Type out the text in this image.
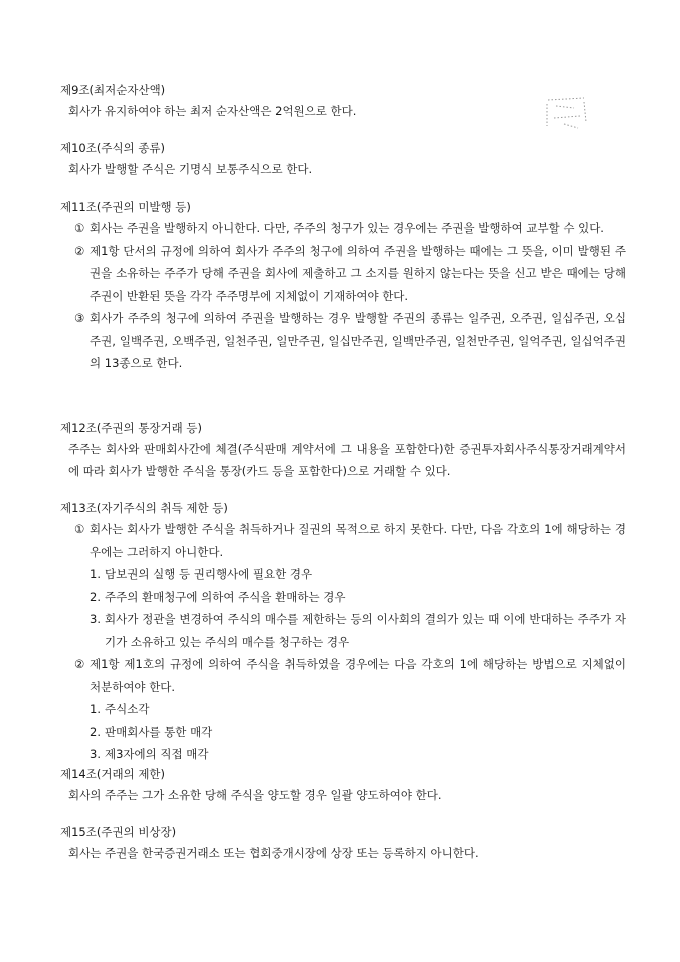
제9조(최저순자산액)
회사가 유지하여야 하는 최저 순자산액은 2억원으로 한다.
제10조(주식의 종류)
회사가 발행할 주식은 기명식 보통주식으로 한다.
제11조(주권의 미발행 등)
① 회사는 주권을 발행하지 아니한다. 다만, 주주의 청구가 있는 경우에는 주권을 발행하여 교부할 수 있다.
② 제1항 단서의 규정에 의하여 회사가 주주의 청구에 의하여 주권을 발행하는 때에는 그 뜻을, 이미 발행된 주권을 소유하는 주주가 당해 주권을 회사에 제출하고 그 소지를 원하지 않는다는 뜻을 신고 받은 때에는 당해 주권이 반환된 뜻을 각각 주주명부에 지체없이 기재하여야 한다.
③ 회사가 주주의 청구에 의하여 주권을 발행하는 경우 발행할 주권의 종류는 일주권, 오주권, 일십주권, 오십주권, 일백주권, 오백주권, 일천주권, 일만주권, 일십만주권, 일백만주권, 일천만주권, 일억주권, 일십억주권의 13종으로 한다.
제12조(주권의 통장거래 등)
주주는 회사와 판매회사간에 체결(주식판매 계약서에 그 내용을 포함한다)한 증권투자회사주식통장거래계약서 에 따라 회사가 발행한 주식을 통장(카드 등을 포함한다)으로 거래할 수 있다.
제13조(자기주식의 취득 제한 등)
① 회사는 회사가 발행한 주식을 취득하거나 질권의 목적으로 하지 못한다. 다만, 다음 각호의 1에 해당하는 경우에는 그러하지 아니한다.
1. 담보권의 실행 등 권리행사에 필요한 경우
2. 주주의 환매청구에 의하여 주식을 환매하는 경우
3. 회사가 정관을 변경하여 주식의 매수를 제한하는 등의 이사회의 결의가 있는 때 이에 반대하는 주주가 자기가 소유하고 있는 주식의 매수를 청구하는 경우
② 제1항 제1호의 규정에 의하여 주식을 취득하였을 경우에는 다음 각호의 1에 해당하는 방법으로 지체없이 처분하여야 한다.
1. 주식소각
2. 판매회사를 통한 매각
3. 제3자에의 직접 매각
제14조(거래의 제한)
회사의 주주는 그가 소유한 당해 주식을 양도할 경우 일괄 양도하여야 한다.
제15조(주권의 비상장)
회사는 주권을 한국증권거래소 또는 협회중개시장에 상장 또는 등록하지 아니한다.
